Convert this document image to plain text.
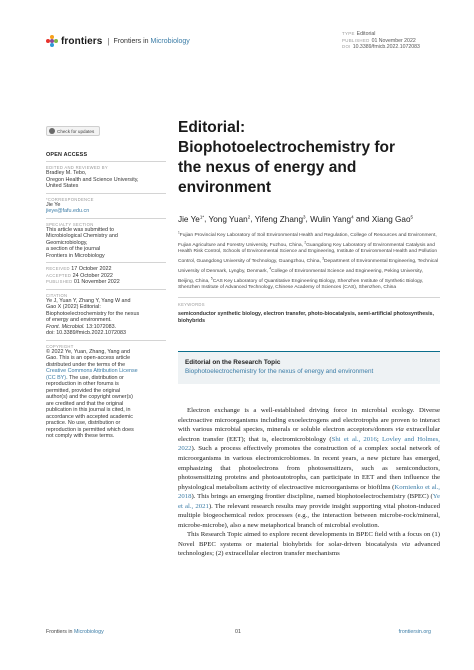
frontiers | Frontiers in Microbiology
TYPE Editorial
PUBLISHED 01 November 2022
DOI 10.3389/fmicb.2022.1072083
Check for updates
OPEN ACCESS
EDITED AND REVIEWED BY
Bradley M. Tebo,
Oregon Health and Science University,
United States
*CORRESPONDENCE
Jie Ye
jieye@fafu.edu.cn
SPECIALTY SECTION
This article was submitted to
Microbiological Chemistry and
Geomicrobiology,
a section of the journal
Frontiers in Microbiology
RECEIVED 17 October 2022
ACCEPTED 24 October 2022
PUBLISHED 01 November 2022
CITATION
Ye J, Yuan Y, Zhang Y, Yang W and
Gao X (2022) Editorial:
Biophotoelectrochemistry for the nexus
of energy and environment.
Front. Microbiol. 13:1072083.
doi: 10.3389/fmicb.2022.1072083
COPYRIGHT
© 2022 Ye, Yuan, Zhang, Yang and
Gao. This is an open-access article
distributed under the terms of the
Creative Commons Attribution License
(CC BY). The use, distribution or
reproduction in other forums is
permitted, provided the original
author(s) and the copyright owner(s)
are credited and that the original
publication in this journal is cited, in
accordance with accepted academic
practice. No use, distribution or
reproduction is permitted which does
not comply with these terms.
Editorial:
Biophotoelectrochemistry for
the nexus of energy and
environment
Jie $Ye^{1*}$, Yong Yuan$^2$, Yifeng Zhang$^3$, Wulin Yang$^4$ and Xiang Gao$^5$
$^1$Fujian Provincial Key Laboratory of Soil Environmental Health and Regulation, College of Resources and Environment, Fujian Agriculture and Forestry University, Fuzhou, China, $^2$Guangdong Key Laboratory of Environmental Catalysis and Health Risk Control, Schools of Environmental Science and Engineering, Institute of Environmental Health and Pollution Control, Guangdong University of Technology, Guangzhou, China, $^3$Department of Environmental Engineering, Technical University of Denmark, Lyngby, Denmark, $^4$College of Environmental Science and Engineering, Peking University, Beijing, China, $^5$CAS Key Laboratory of Quantitative Engineering Biology, Shenzhen Institute of Synthetic Biology, Shenzhen Institute of Advanced Technology, Chinese Academy of Sciences (CAS), Shenzhen, China
KEYWORDS
semiconductor synthetic biology, electron transfer, photo-biocatalysis, semi-artificial photosynthesis, biohybrids
Editorial on the Research Topic
Biophotoelectrochemistry for the nexus of energy and environment

Electron exchange is a well-established driving force in microbial ecology. Diverse electroactive microorganisms including exoelectrogens and electrotrophs are proven to interact with various microbial species, minerals or soluble electron acceptors/donors via extracellular electron transfer (EET); that is, electromicrobiology (Shi et al., 2016; Lovley and Holmes, 2022). Such a process effectively promotes the construction of a complex social network of microorganisms in various electromicrobiomes. In recent years, a new picture has emerged, emphasizing that photoelectrons from photosensitizers, such as semiconductors, photosensitizing proteins and photoautotrophs, can participate in EET and then influence the physiological metabolism activity of electroactive microorganisms or biofilms (Kornienko et al., 2018). This brings an emerging frontier discipline, named biophotoelectrochemistry (BPEC) (Ye et al., 2021). The relevant research results may provide insight supporting vital photon-induced multiple biogeochemical redox processes (e.g., the interaction between microbe-rock/mineral, microbe-microbe), also a new metaphorical branch of microbial evolution.

This Research Topic aimed to explore recent developments in BPEC field with a focus on (1) Novel BPEC systems or material biohybrids for solar-driven biocatalysis via advanced technologies; (2) extracellular electron transfer mechanisms

Frontiers in Microbiology	01	frontiersin.org
